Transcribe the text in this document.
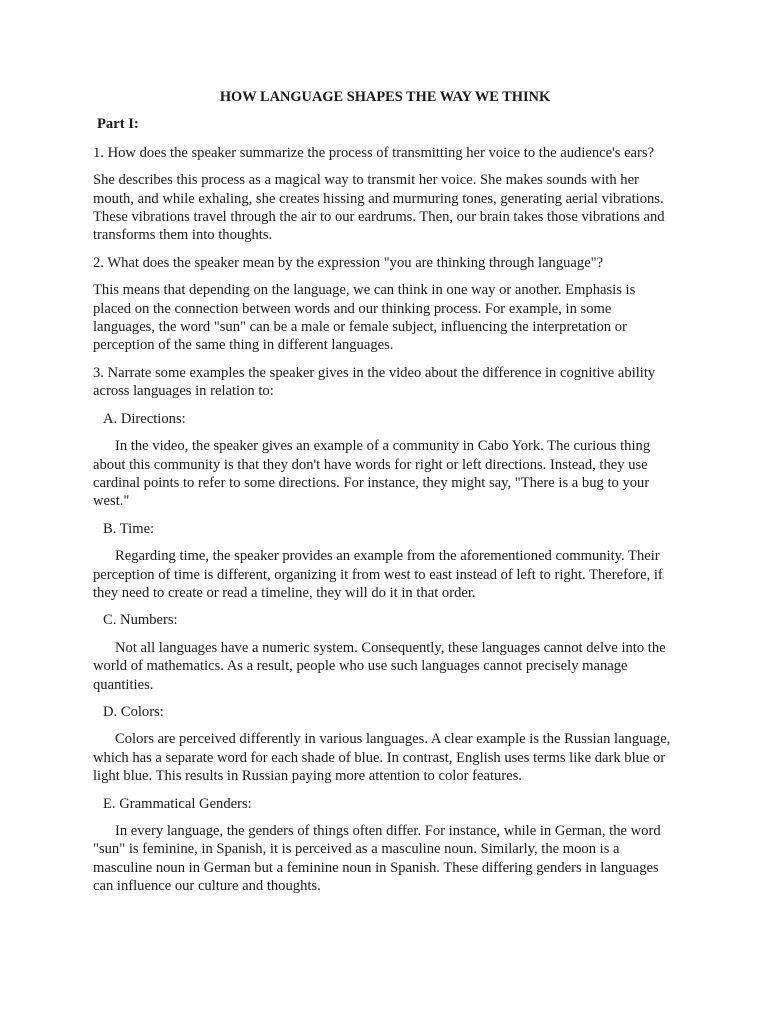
HOW LANGUAGE SHAPES THE WAY WE THINK
Part I:

1. How does the speaker summarize the process of transmitting her voice to the audience's ears?

She describes this process as a magical way to transmit her voice. She makes sounds with her mouth, and while exhaling, she creates hissing and murmuring tones, generating aerial vibrations. These vibrations travel through the air to our eardrums. Then, our brain takes those vibrations and transforms them into thoughts.

2. What does the speaker mean by the expression "you are thinking through language"?

This means that depending on the language, we can think in one way or another. Emphasis is placed on the connection between words and our thinking process. For example, in some languages, the word "sun" can be a male or female subject, influencing the interpretation or perception of the same thing in different languages.

3. Narrate some examples the speaker gives in the video about the difference in cognitive ability across languages in relation to:

A. Directions:

In the video, the speaker gives an example of a community in Cabo York. The curious thing about this community is that they don't have words for right or left directions. Instead, they use cardinal points to refer to some directions. For instance, they might say, "There is a bug to your west."

B. Time:

Regarding time, the speaker provides an example from the aforementioned community. Their perception of time is different, organizing it from west to east instead of left to right. Therefore, if they need to create or read a timeline, they will do it in that order.

C. Numbers:

Not all languages have a numeric system. Consequently, these languages cannot delve into the world of mathematics. As a result, people who use such languages cannot precisely manage quantities.

D. Colors:

Colors are perceived differently in various languages. A clear example is the Russian language, which has a separate word for each shade of blue. In contrast, English uses terms like dark blue or light blue. This results in Russian paying more attention to color features.

E. Grammatical Genders:

In every language, the genders of things often differ. For instance, while in German, the word "sun" is feminine, in Spanish, it is perceived as a masculine noun. Similarly, the moon is a masculine noun in German but a feminine noun in Spanish. These differing genders in languages can influence our culture and thoughts.
